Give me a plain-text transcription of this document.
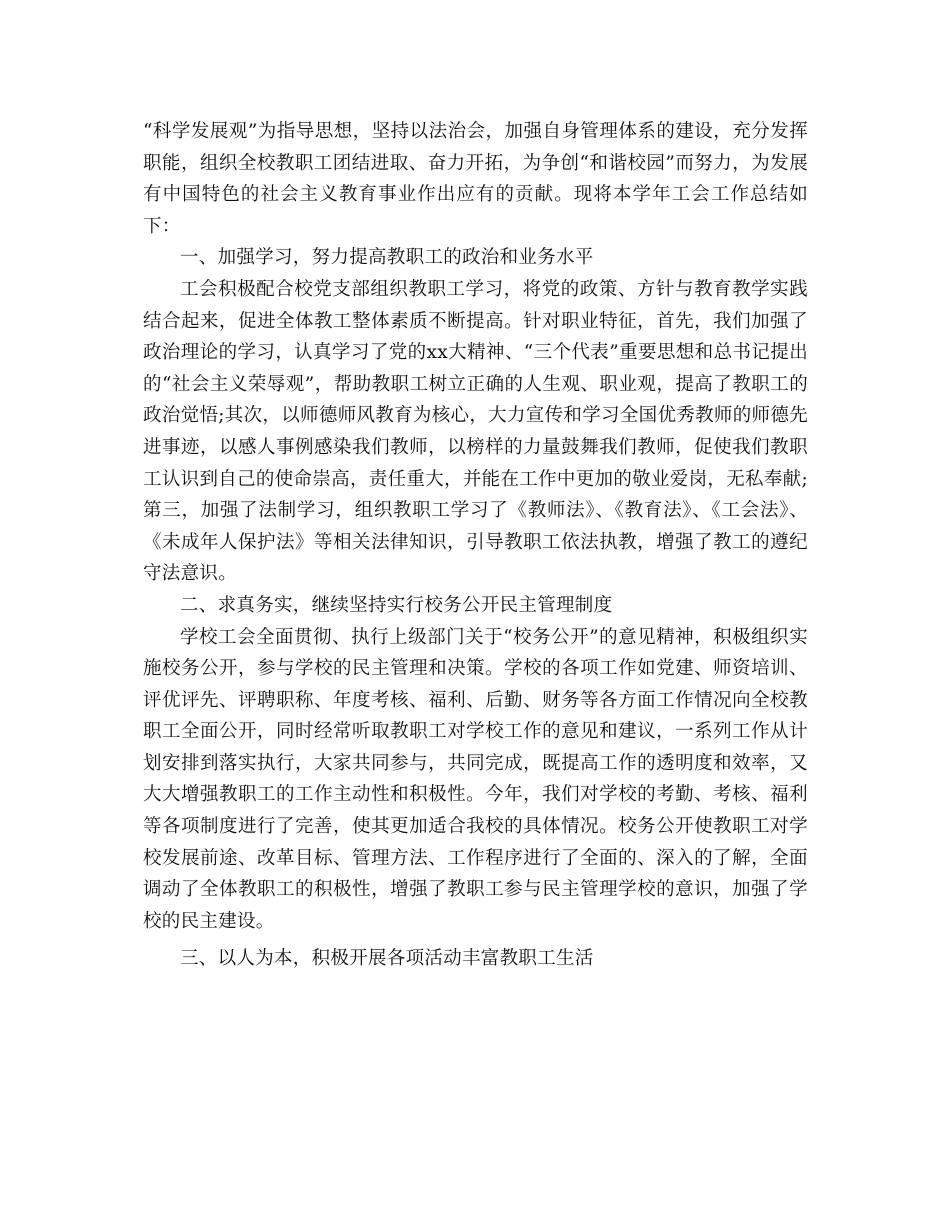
“科学发展观”为指导思想，坚持以法治会，加强自身管理体系的建设，充分发挥职能，组织全校教职工团结进取、奋力开拓，为争创“和谐校园”而努力，为发展有中国特色的社会主义教育事业作出应有的贡献。现将本学年工会工作总结如下：

一、加强学习，努力提高教职工的政治和业务水平

工会积极配合校党支部组织教职工学习，将党的政策、方针与教育教学实践结合起来，促进全体教工整体素质不断提高。针对职业特征，首先，我们加强了政治理论的学习，认真学习了党的xx大精神、“三个代表”重要思想和总书记提出的“社会主义荣辱观”，帮助教职工树立正确的人生观、职业观，提高了教职工的政治觉悟;其次，以师德师风教育为核心，大力宣传和学习全国优秀教师的师德先进事迹，以感人事例感染我们教师，以榜样的力量鼓舞我们教师，促使我们教职工认识到自己的使命崇高，责任重大，并能在工作中更加的敬业爱岗，无私奉献;第三，加强了法制学习，组织教职工学习了《教师法》、《教育法》、《工会法》、《未成年人保护法》等相关法律知识，引导教职工依法执教，增强了教工的遵纪守法意识。

二、求真务实，继续坚持实行校务公开民主管理制度

学校工会全面贯彻、执行上级部门关于“校务公开”的意见精神，积极组织实施校务公开，参与学校的民主管理和决策。学校的各项工作如党建、师资培训、评优评先、评聘职称、年度考核、福利、后勤、财务等各方面工作情况向全校教职工全面公开，同时经常听取教职工对学校工作的意见和建议，一系列工作从计划安排到落实执行，大家共同参与，共同完成，既提高工作的透明度和效率，又大大增强教职工的工作主动性和积极性。今年，我们对学校的考勤、考核、福利等各项制度进行了完善，使其更加适合我校的具体情况。校务公开使教职工对学校发展前途、改革目标、管理方法、工作程序进行了全面的、深入的了解，全面调动了全体教职工的积极性，增强了教职工参与民主管理学校的意识，加强了学校的民主建设。

三、以人为本，积极开展各项活动丰富教职工生活
